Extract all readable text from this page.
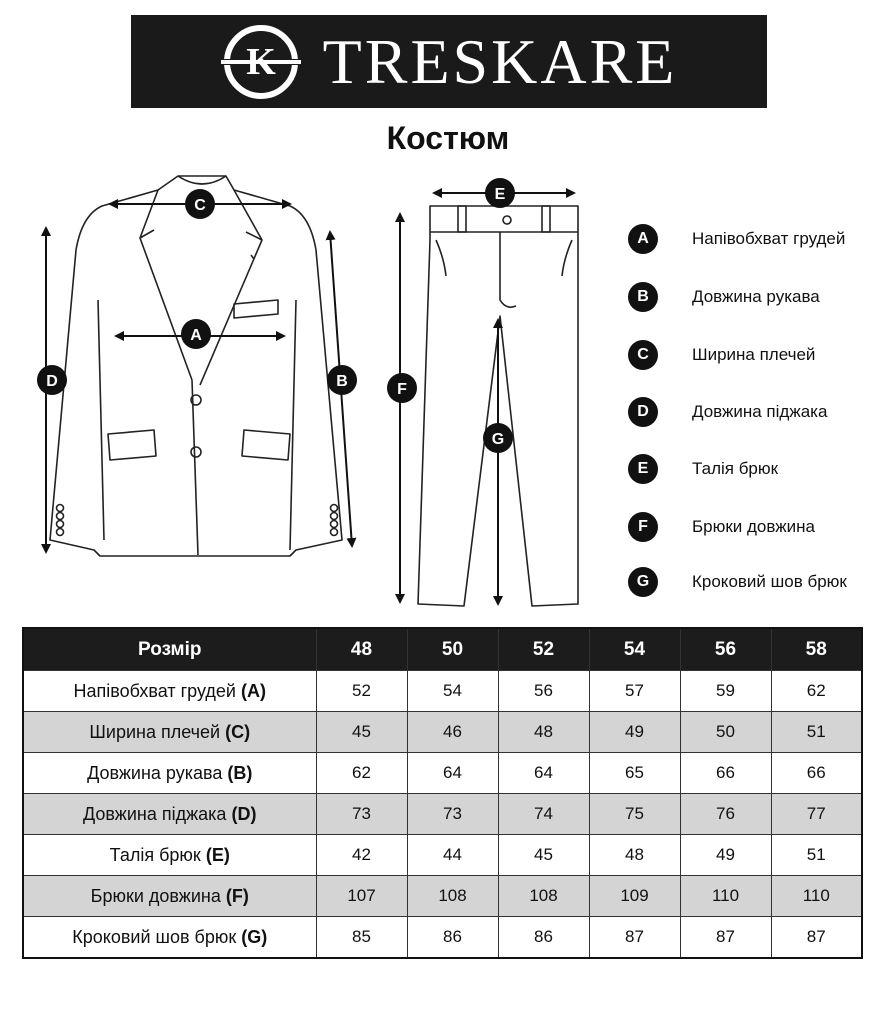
K TRESKARE
Костюм
C
A
D	B
E
F
G
A	Напівобхват грудей
B	Довжина рукава
C	Ширина плечей
D	Довжина піджака
E	Талія брюк
F	Брюки довжина
G	Кроковий шов брюк
Розмір	48	50	52	54	56	58
Напівобхват грудей (A)	52	54	56	57	59	62
Ширина плечей (C)	45	46	48	49	50	51
Довжина рукава (B)	62	64	64	65	66	66
Довжина піджака (D)	73	73	74	75	76	77
Талія брюк (E)	42	44	45	48	49	51
Брюки довжина (F)	107	108	108	109	110	110
Кроковий шов брюк (G)	85	86	86	87	87	87
